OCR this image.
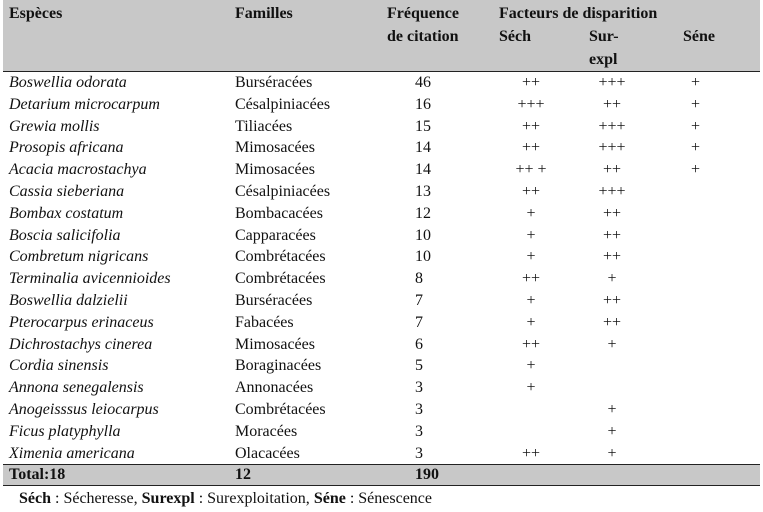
Espèces	Familles	Fréquence	Facteurs de disparition		
		de citation	Séch	Sur-	Séne
				expl	
Boswellia odorata	Burséracées	46	++	+++	+
Detarium microcarpum	Césalpiniacées	16	+++	++	+
Grewia mollis	Tiliacées	15	++	+++	+
Prosopis africana	Mimosacées	14	++	+++	+
Acacia macrostachya	Mimosacées	14	++ +	++	+
Cassia sieberiana	Césalpiniacées	13	++	+++	
Bombax costatum	Bombacacées	12	+	++	
Boscia salicifolia	Capparacées	10	+	++	
Combretum nigricans	Combrétacées	10	+	++	
Terminalia avicennioides	Combrétacées	8	++	+	
Boswellia dalzielii	Burséracées	7	+	++	
Pterocarpus erinaceus	Fabacées	7	+	++	
Dichrostachys cinerea	Mimosacées	6	++	+	
Cordia sinensis	Boraginacées	5	+		
Annona senegalensis	Annonacées	3	+		
Anogeisssus leiocarpus	Combrétacées	3		+	
Ficus platyphylla	Moracées	3		+	
Ximenia americana	Olacacées	3	++	+	
Total:18	12	190			
Séch : Sécheresse, Surexpl : Surexploitation, Séne : Sénescence
